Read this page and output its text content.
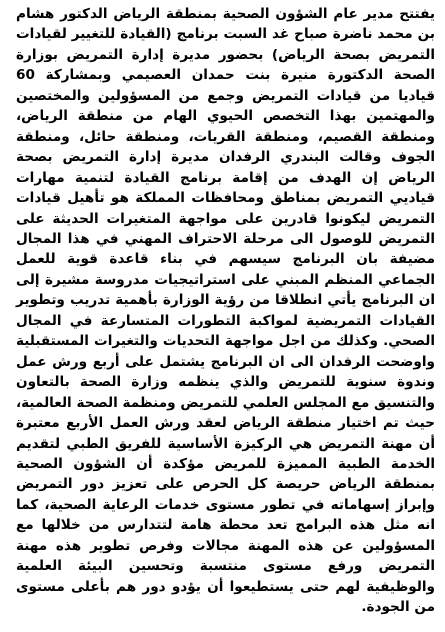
يفتتح مدير عام الشؤون الصحية بمنطقة الرياض الدكتور هشام بن محمد ناضرة صباح غد السبت برنامج (القيادة للتغيير لقيادات التمريض بصحة الرياض) بحضور مديرة إدارة التمريض بوزارة الصحة الدكتورة منيرة بنت حمدان العصيمي وبمشاركة 60 قياديا من قيادات التمريض وجمع من المسؤولين والمختصين والمهتمين بهذا التخصص الحيوي الهام من منطقة الرياض، ومنطقة القصيم، ومنطقة القريات، ومنطقة حائل، ومنطقة الجوف وقالت البندري الرفدان مديرة إدارة التمريض بصحة الرياض إن الهدف من إقامة برنامج القيادة لتنمية مهارات قياديي التمريض بمناطق ومحافظات المملكة هو تأهيل قيادات التمريض ليكونوا قادرين على مواجهة المتغيرات الحديثة على التمريض للوصول الى مرحلة الاحتراف المهني في هذا المجال مضيفة بان البرنامج سيسهم في بناء قاعدة قوية للعمل الجماعي المنظم المبني على استراتيجيات مدروسة مشيرة إلى ان البرنامج يأتي انطلاقا من رؤية الوزارة بأهمية تدريب وتطوير القيادات التمريضية لمواكبة التطورات المتسارعة في المجال الصحي. وكذلك من اجل مواجهة التحديات والتغيرات المستقبلية واوضحت الرفدان الى ان البرنامج يشتمل على أربع ورش عمل وندوة سنوية للتمريض والذي ينظمه وزارة الصحة بالتعاون والتنسيق مع المجلس العلمي للتمريض ومنظمة الصحة العالمية، حيث تم اختيار منطقة الرياض لعقد ورش العمل الأربع معتبرة أن مهنة التمريض هي الركيزة الأساسية للفريق الطبي لتقديم الخدمة الطبية المميزة للمريض مؤكدة أن الشؤون الصحية بمنطقة الرياض حريصة كل الحرص على تعزيز دور التمريض وإبراز إسهاماته في تطور مستوى خدمات الرعاية الصحية، كما انه مثل هذه البرامج تعد محطة هامة لتتدارس من خلالها مع المسؤولين عن هذه المهنة مجالات وفرص تطوير هذه مهنة التمريض ورفع مستوى منتسبة وتحسين البيئة العلمية والوظيفية لهم حتى يستطيعوا أن يؤدو دور هم بأعلى مستوى من الجودة.
